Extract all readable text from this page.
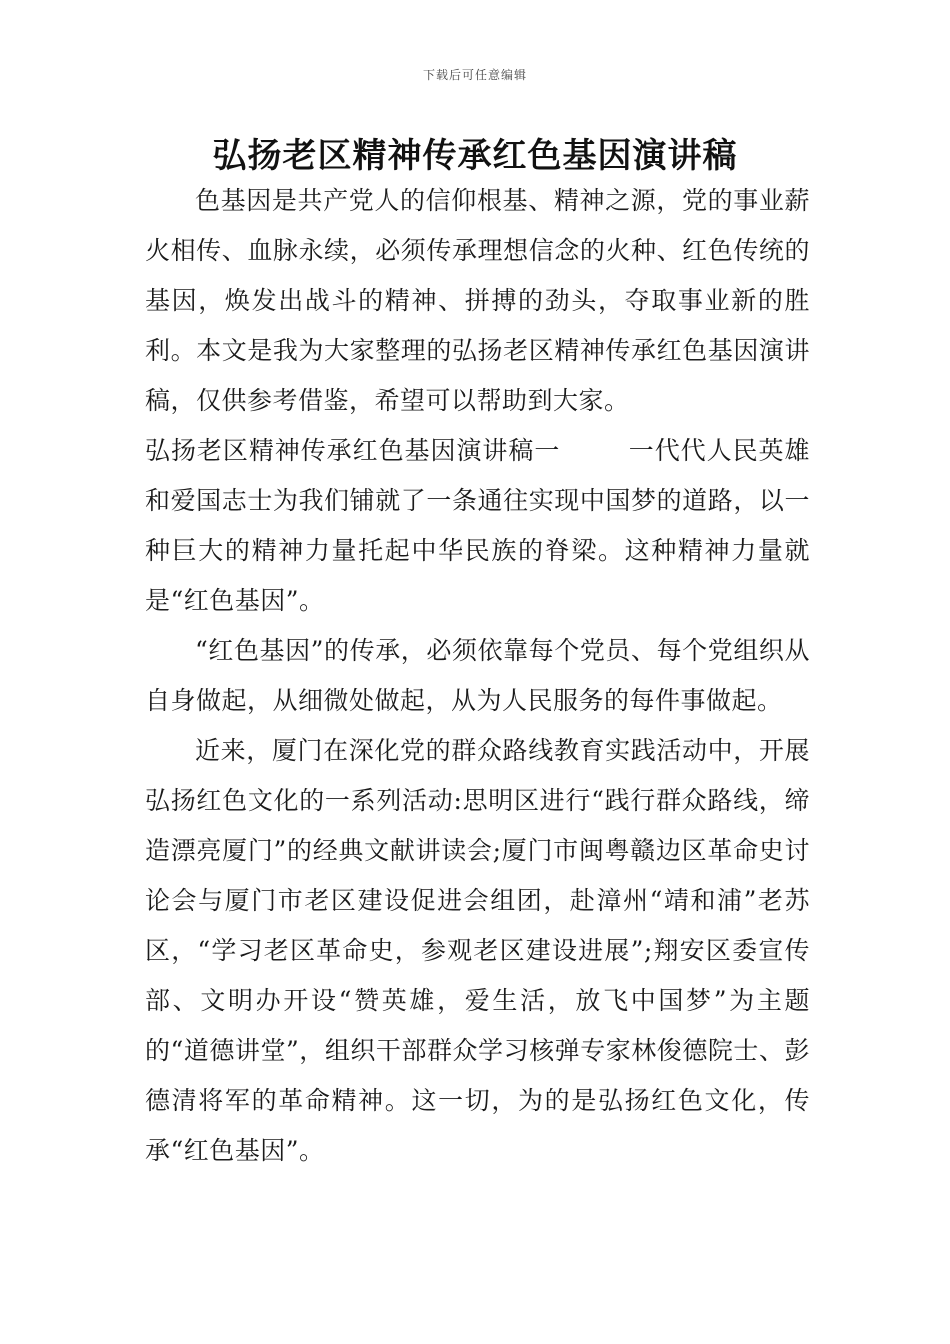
下载后可任意编辑
弘扬老区精神传承红色基因演讲稿

色基因是共产党人的信仰根基、精神之源，党的事业薪火相传、血脉永续，必须传承理想信念的火种、红色传统的基因，焕发出战斗的精神、拼搏的劲头，夺取事业新的胜利。本文是我为大家整理的弘扬老区精神传承红色基因演讲稿，仅供参考借鉴，希望可以帮助到大家。

弘扬老区精神传承红色基因演讲稿一	一代代人民英雄和爱国志士为我们铺就了一条通往实现中国梦的道路，以一种巨大的精神力量托起中华民族的脊梁。这种精神力量就是“红色基因”。

“红色基因”的传承，必须依靠每个党员、每个党组织从自身做起，从细微处做起，从为人民服务的每件事做起。

近来，厦门在深化党的群众路线教育实践活动中，开展弘扬红色文化的一系列活动:思明区进行“践行群众路线，缔造漂亮厦门”的经典文献讲读会;厦门市闽粤赣边区革命史讨论会与厦门市老区建设促进会组团，赴漳州“靖和浦”老苏区，“学习老区革命史，参观老区建设进展”;翔安区委宣传部、文明办开设“赞英雄，爱生活，放飞中国梦”为主题的“道德讲堂”，组织干部群众学习核弹专家林俊德院士、彭德清将军的革命精神。这一切，为的是弘扬红色文化，传承“红色基因”。
